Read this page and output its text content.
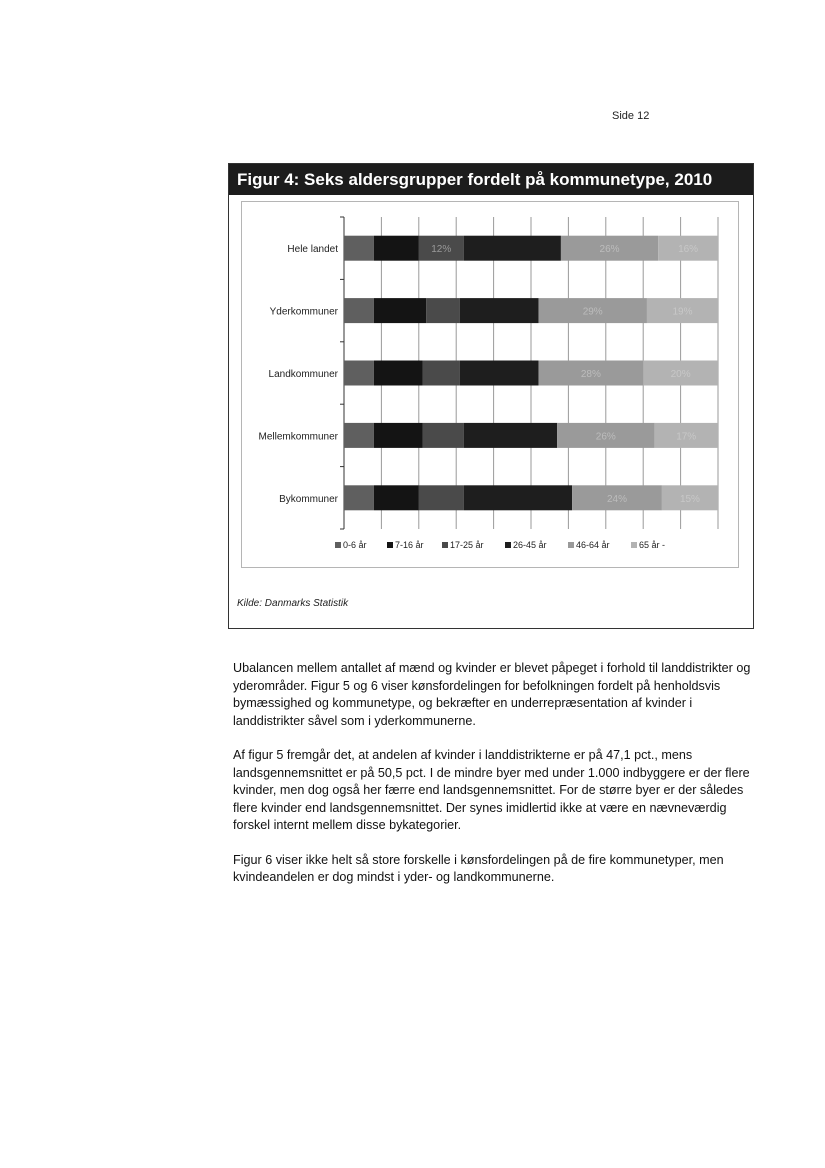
Side 12
Figur 4: Seks aldersgrupper fordelt på kommunetype, 2010
Hele landet	12%	26%	16%
Yderkommuner	29%	19%
Landkommuner	28%	20%
Mellemkommuner	26%	17%
Bykommuner	24%	15%
0-6 år	7-16 år	17-25 år	26-45 år	46-64 år	65 år -
Kilde: Danmarks Statistik

Ubalancen mellem antallet af mænd og kvinder er blevet påpeget i forhold til landdistrikter og yderområder. Figur 5 og 6 viser kønsfordelingen for befolkningen fordelt på henholdsvis bymæssighed og kommunetype, og bekræfter en underrepræsentation af kvinder i landdistrikter såvel som i yderkommunerne.

Af figur 5 fremgår det, at andelen af kvinder i landdistrikterne er på 47,1 pct., mens landsgennemsnittet er på 50,5 pct. I de mindre byer med under 1.000 indbyggere er der flere kvinder, men dog også her færre end landsgennemsnittet. For de større byer er der således flere kvinder end landsgennemsnittet. Der synes imidlertid ikke at være en nævneværdig forskel internt mellem disse bykategorier.

Figur 6 viser ikke helt så store forskelle i kønsfordelingen på de fire kommunetyper, men kvindeandelen er dog mindst i yder- og landkommunerne.
